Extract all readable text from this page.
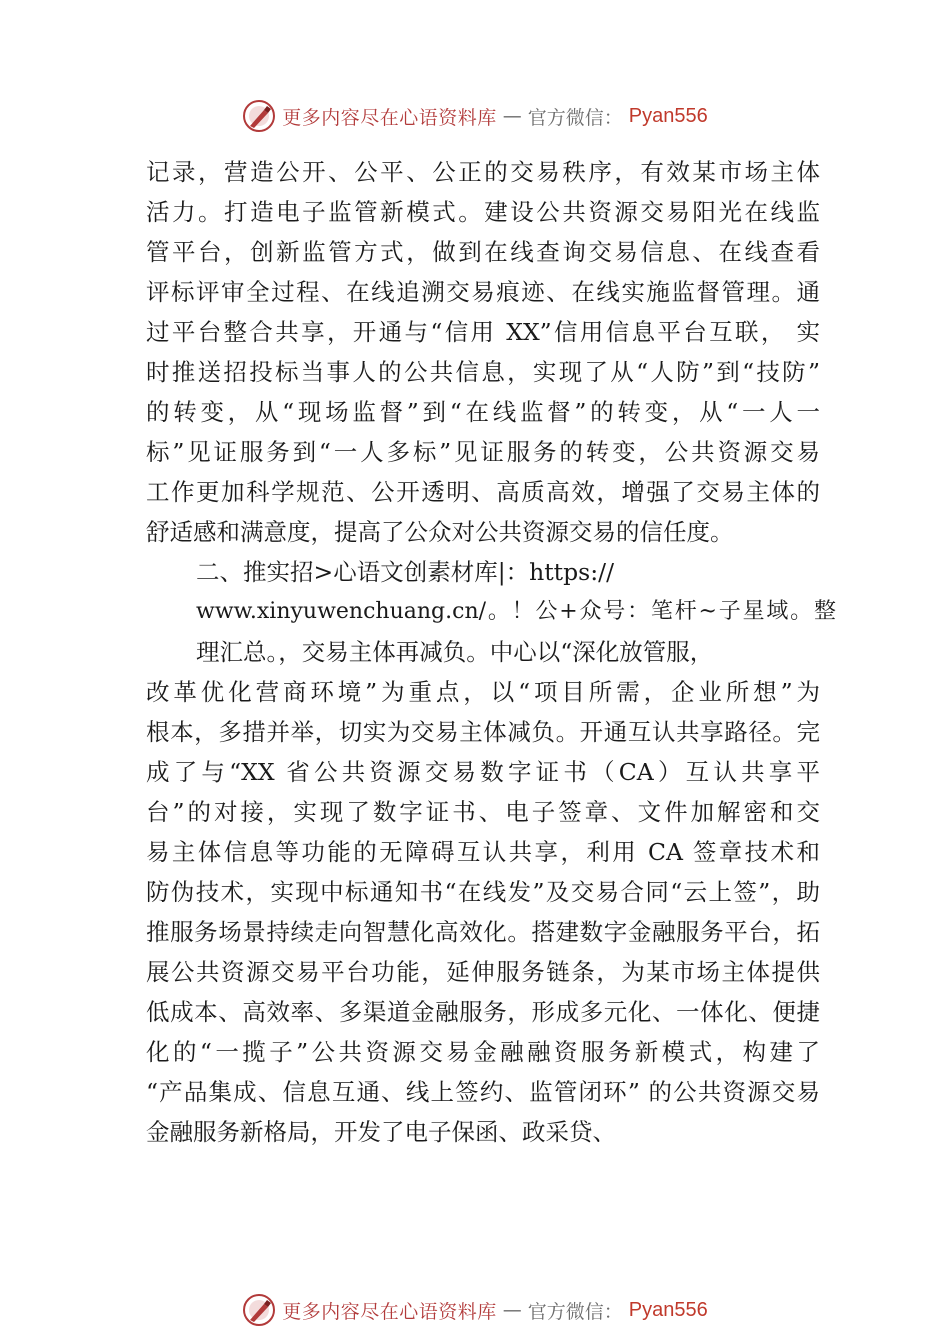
更多内容尽在心语资料库 — 官方微信： Pyan556
记录，营造公开、公平、公正的交易秩序，有效某市场主体
活力。打造电子监管新模式。建设公共资源交易阳光在线监
管平台，创新监管方式，做到在线查询交易信息、在线查看
评标评审全过程、在线追溯交易痕迹、在线实施监督管理。通
过平台整合共享，开通与“信用 XX”信用信息平台互联， 实
时推送招投标当事人的公共信息，实现了从“人防”到“技防”
的转变，从“现场监督”到“在线监督”的转变，从“一人一
标”见证服务到“一人多标”见证服务的转变，公共资源交易
工作更加科学规范、公开透明、高质高效，增强了交易主体的
舒适感和满意度，提高了公众对公共资源交易的信任度。
二、推实招>心语文创素材库|：https://
www.xinyuwenchuang.cn/。！公+众号：笔杆~子星域。整
理汇总。，交易主体再减负。中心以“深化放管服，
改革优化营商环境”为重点，以“项目所需，企业所想”为
根本，多措并举，切实为交易主体减负。开通互认共享路径。完
成了与“XX 省公共资源交易数字证书（CA）互认共享平
台”的对接，实现了数字证书、电子签章、文件加解密和交
易主体信息等功能的无障碍互认共享，利用 CA 签章技术和
防伪技术，实现中标通知书“在线发”及交易合同“云上签”，助
推服务场景持续走向智慧化高效化。搭建数字金融服务平台，拓
展公共资源交易平台功能，延伸服务链条，为某市场主体提供
低成本、高效率、多渠道金融服务，形成多元化、一体化、便捷
化的“一揽子”公共资源交易金融融资服务新模式，构建了
“产品集成、信息互通、线上签约、监管闭环” 的公共资源交易
金融服务新格局，开发了电子保函、政采贷、
更多内容尽在心语资料库 — 官方微信： Pyan556
